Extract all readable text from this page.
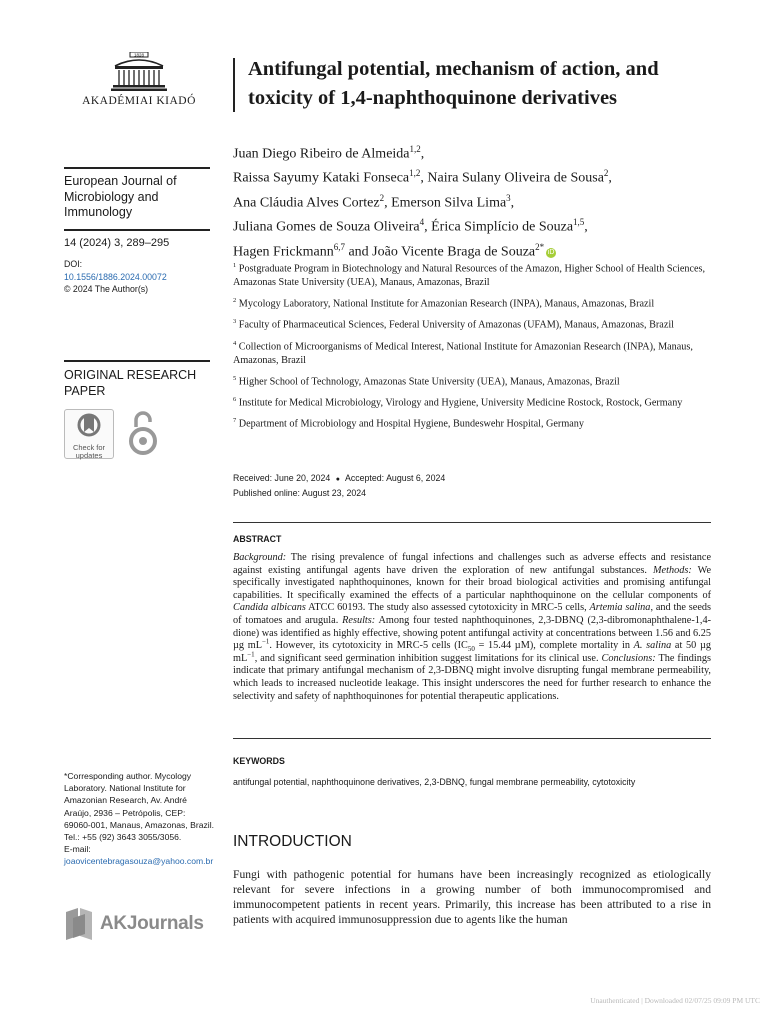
1828
AKADÉMIAI KIADÓ
European Journal of Microbiology and Immunology
14 (2024) 3, 289–295
DOI:
10.1556/1886.2024.00072
© 2024 The Author(s)
ORIGINAL RESEARCH PAPER
Check for
updates

*Corresponding author. Mycology Laboratory. National Institute for Amazonian Research, Av. André Araújo, 2936 – Petrópolis, CEP: 69060-001, Manaus, Amazonas, Brazil. Tel.: +55 (92) 3643 3055/3056.
E-mail: joaovicentebragasouza@yahoo.com.br
AKJournals
Antifungal potential, mechanism of action, and toxicity of 1,4-naphthoquinone derivatives
Juan Diego Ribeiro de Almeida$^{1,2}$,
Raissa Sayumy Kataki Fonseca$^{1,2}$, Naira Sulany Oliveira de Sousa$^2$,
Ana Cláudia Alves Cortez$^2$, Emerson Silva Lima$^3$,
Juliana Gomes de Souza Oliveira$^4$, Érica Simplício de Souza$^{1,5}$,
Hagen Frickmann$^{6,7}$ and João Vicente Braga de Souza$^{2*}$iD
$^1$ Postgraduate Program in Biotechnology and Natural Resources of the Amazon, Higher School of Health Sciences, Amazonas State University (UEA), Manaus, Amazonas, Brazil
$^2$ Mycology Laboratory, National Institute for Amazonian Research (INPA), Manaus, Amazonas, Brazil
$^3$ Faculty of Pharmaceutical Sciences, Federal University of Amazonas (UFAM), Manaus, Amazonas, Brazil
$^4$ Collection of Microorganisms of Medical Interest, National Institute for Amazonian Research (INPA), Manaus, Amazonas, Brazil
$^5$ Higher School of Technology, Amazonas State University (UEA), Manaus, Amazonas, Brazil
$^6$ Institute for Medical Microbiology, Virology and Hygiene, University Medicine Rostock, Rostock, Germany
$^7$ Department of Microbiology and Hospital Hygiene, Bundeswehr Hospital, Germany
Received: June 20, 2024 ● Accepted: August 6, 2024
Published online: August 23, 2024
ABSTRACT
Background: The rising prevalence of fungal infections and challenges such as adverse effects and resistance against existing antifungal agents have driven the exploration of new antifungal substances. Methods: We specifically investigated naphthoquinones, known for their broad biological activities and promising antifungal capabilities. It specifically examined the effects of a particular naphthoquinone on the cellular components of Candida albicans ATCC 60193. The study also assessed cytotoxicity in MRC-5 cells, Artemia salina, and the seeds of tomatoes and arugula. Results: Among four tested naphthoquinones, 2,3-DBNQ (2,3-dibromonaphthalene-1,4-dione) was identified as highly effective, showing potent antifungal activity at concentrations between 1.56 and 6.25 µg $mL^{-1}$. However, its cytotoxicity in MRC-5 cells ($IC_{50} = 15.44$ µM), complete mortality in A. salina at 50 µg $mL^{-1}$, and significant seed germination inhibition suggest limitations for its clinical use. Conclusions: The findings indicate that primary antifungal mechanism of 2,3-DBNQ might involve disrupting fungal membrane permeability, which leads to increased nucleotide leakage. This insight underscores the need for further research to enhance the selectivity and safety of naphthoquinones for potential therapeutic applications.
KEYWORDS
antifungal potential, naphthoquinone derivatives, 2,3-DBNQ, fungal membrane permeability, cytotoxicity
INTRODUCTION
Fungi with pathogenic potential for humans have been increasingly recognized as etiologically relevant for severe infections in a growing number of both immunocompromised and immunocompetent patients in recent years. Primarily, this increase has been attributed to a rise in patients with acquired immunosuppression due to agents like the human
Unauthenticated | Downloaded 02/07/25 09:09 PM UTC
